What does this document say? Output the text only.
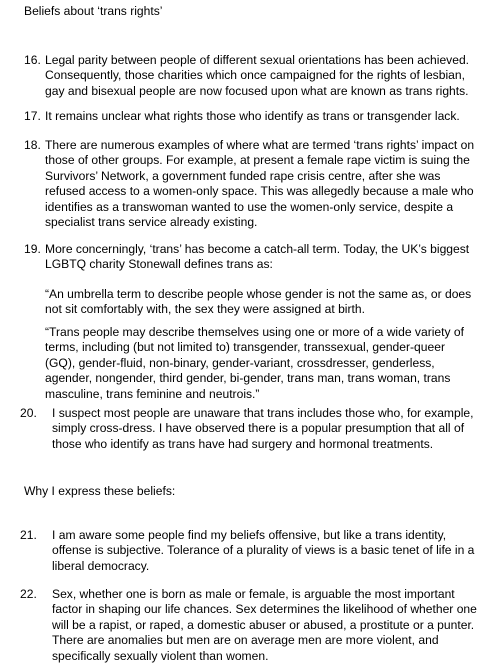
Beliefs about ‘trans rights’
16. Legal parity between people of different sexual orientations has been achieved.
Consequently, those charities which once campaigned for the rights of lesbian,
gay and bisexual people are now focused upon what are known as trans rights.
17. It remains unclear what rights those who identify as trans or transgender lack.
18. There are numerous examples of where what are termed ‘trans rights’ impact on
those of other groups. For example, at present a female rape victim is suing the
Survivors’ Network, a government funded rape crisis centre, after she was
refused access to a women-only space. This was allegedly because a male who
identifies as a transwoman wanted to use the women-only service, despite a
specialist trans service already existing.
19. More concerningly, ‘trans’ has become a catch-all term. Today, the UK’s biggest
LGBTQ charity Stonewall defines trans as:
“An umbrella term to describe people whose gender is not the same as, or does
not sit comfortably with, the sex they were assigned at birth.
“Trans people may describe themselves using one or more of a wide variety of
terms, including (but not limited to) transgender, transsexual, gender-queer
(GQ), gender-fluid, non-binary, gender-variant, crossdresser, genderless,
agender, nongender, third gender, bi-gender, trans man, trans woman, trans
masculine, trans feminine and neutrois.”
20. I suspect most people are unaware that trans includes those who, for example,
simply cross-dress. I have observed there is a popular presumption that all of
those who identify as trans have had surgery and hormonal treatments.
Why I express these beliefs:
21. I am aware some people find my beliefs offensive, but like a trans identity,
offense is subjective. Tolerance of a plurality of views is a basic tenet of life in a
liberal democracy.
22. Sex, whether one is born as male or female, is arguable the most important
factor in shaping our life chances. Sex determines the likelihood of whether one
will be a rapist, or raped, a domestic abuser or abused, a prostitute or a punter.
There are anomalies but men are on average men are more violent, and
specifically sexually violent than women.
